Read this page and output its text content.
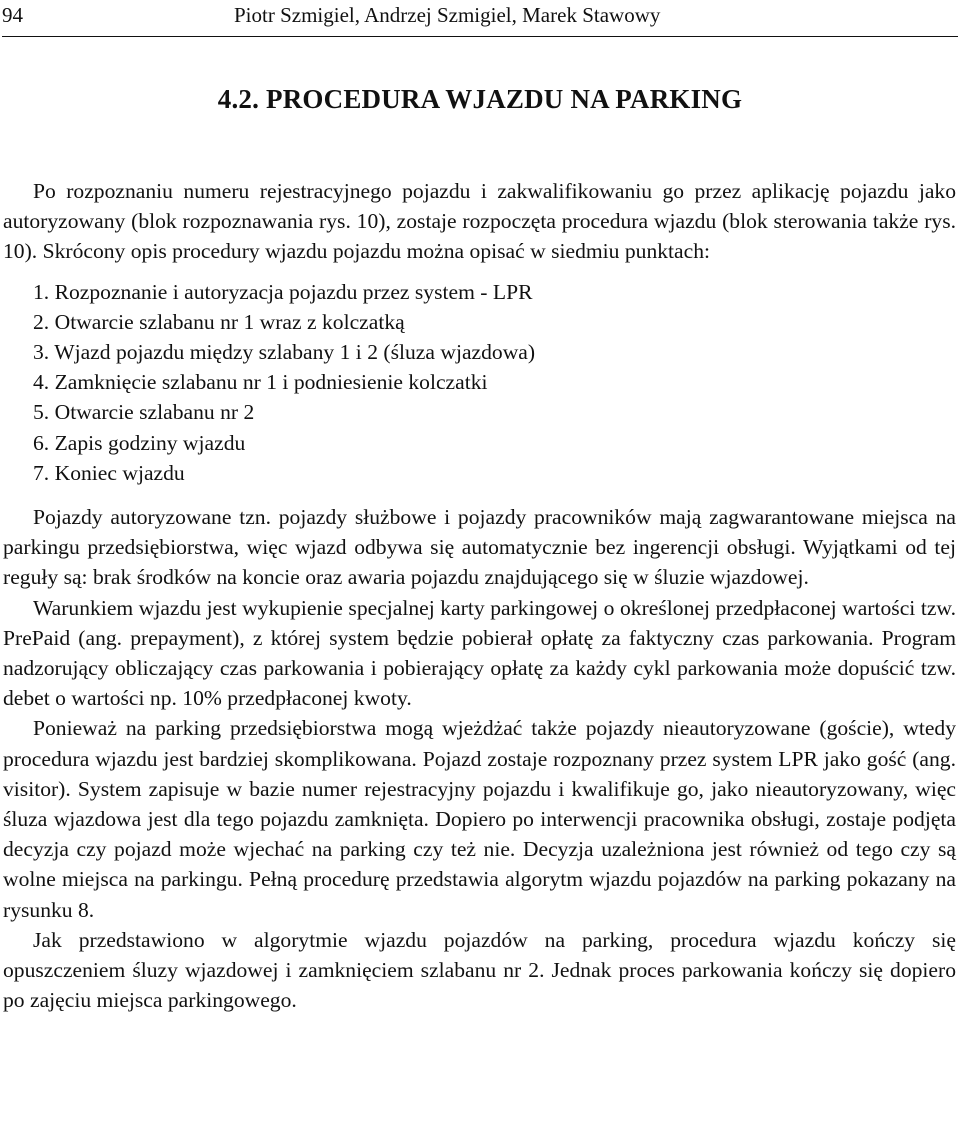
94	Piotr Szmigiel, Andrzej Szmigiel, Marek Stawowy
4.2. PROCEDURA WJAZDU NA PARKING

Po rozpoznaniu numeru rejestracyjnego pojazdu i zakwalifikowaniu go przez aplikację pojazdu jako autoryzowany (blok rozpoznawania rys. 10), zostaje rozpoczęta procedura wjazdu (blok sterowania także rys. 10). Skrócony opis procedury wjazdu pojazdu można opisać w siedmiu punktach:

1. Rozpoznanie i autoryzacja pojazdu przez system - LPR
2. Otwarcie szlabanu nr 1 wraz z kolczatką
3. Wjazd pojazdu między szlabany 1 i 2 (śluza wjazdowa)
4. Zamknięcie szlabanu nr 1 i podniesienie kolczatki
5. Otwarcie szlabanu nr 2
6. Zapis godziny wjazdu
7. Koniec wjazdu

Pojazdy autoryzowane tzn. pojazdy służbowe i pojazdy pracowników mają zagwarantowane miejsca na parkingu przedsiębiorstwa, więc wjazd odbywa się automatycznie bez ingerencji obsługi. Wyjątkami od tej reguły są: brak środków na koncie oraz awaria pojazdu znajdującego się w śluzie wjazdowej.

Warunkiem wjazdu jest wykupienie specjalnej karty parkingowej o określonej przedpłaconej wartości tzw. PrePaid (ang. prepayment), z której system będzie pobierał opłatę za faktyczny czas parkowania. Program nadzorujący obliczający czas parkowania i pobierający opłatę za każdy cykl parkowania może dopuścić tzw. debet o wartości np. 10% przedpłaconej kwoty.

Ponieważ na parking przedsiębiorstwa mogą wjeżdżać także pojazdy nieautoryzowane (goście), wtedy procedura wjazdu jest bardziej skomplikowana. Pojazd zostaje rozpoznany przez system LPR jako gość (ang. visitor). System zapisuje w bazie numer rejestracyjny pojazdu i kwalifikuje go, jako nieautoryzowany, więc śluza wjazdowa jest dla tego pojazdu zamknięta. Dopiero po interwencji pracownika obsługi, zostaje podjęta decyzja czy pojazd może wjechać na parking czy też nie. Decyzja uzależniona jest również od tego czy są wolne miejsca na parkingu. Pełną procedurę przedstawia algorytm wjazdu pojazdów na parking pokazany na rysunku 8.

Jak przedstawiono w algorytmie wjazdu pojazdów na parking, procedura wjazdu kończy się opuszczeniem śluzy wjazdowej i zamknięciem szlabanu nr 2. Jednak proces parkowania kończy się dopiero po zajęciu miejsca parkingowego.
